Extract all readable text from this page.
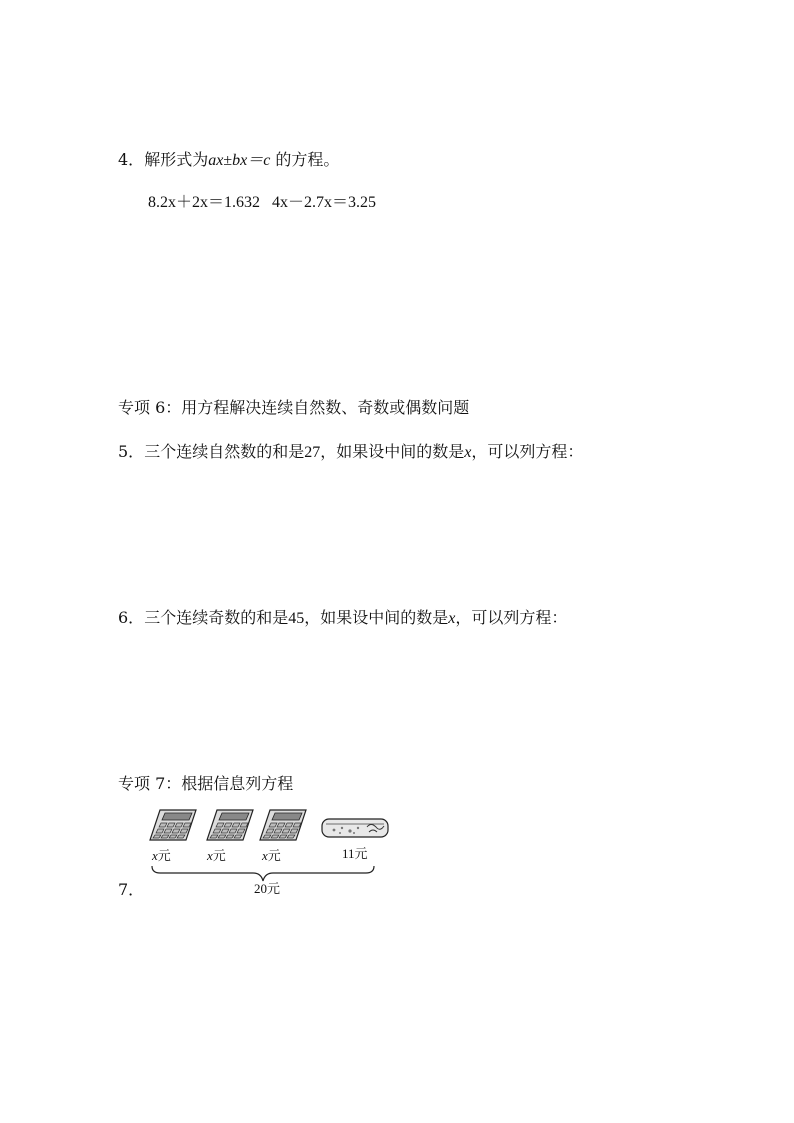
4．解形式为ax±bx＝c 的方程。
8.2x＋2x＝1.632 4x－2.7x＝3.25
专项 6：用方程解决连续自然数、奇数或偶数问题
5．三个连续自然数的和是27，如果设中间的数是x，可以列方程：
6．三个连续奇数的和是45，如果设中间的数是x，可以列方程：
专项 7：根据信息列方程
7．
x元	x元	x元	11元
20元
